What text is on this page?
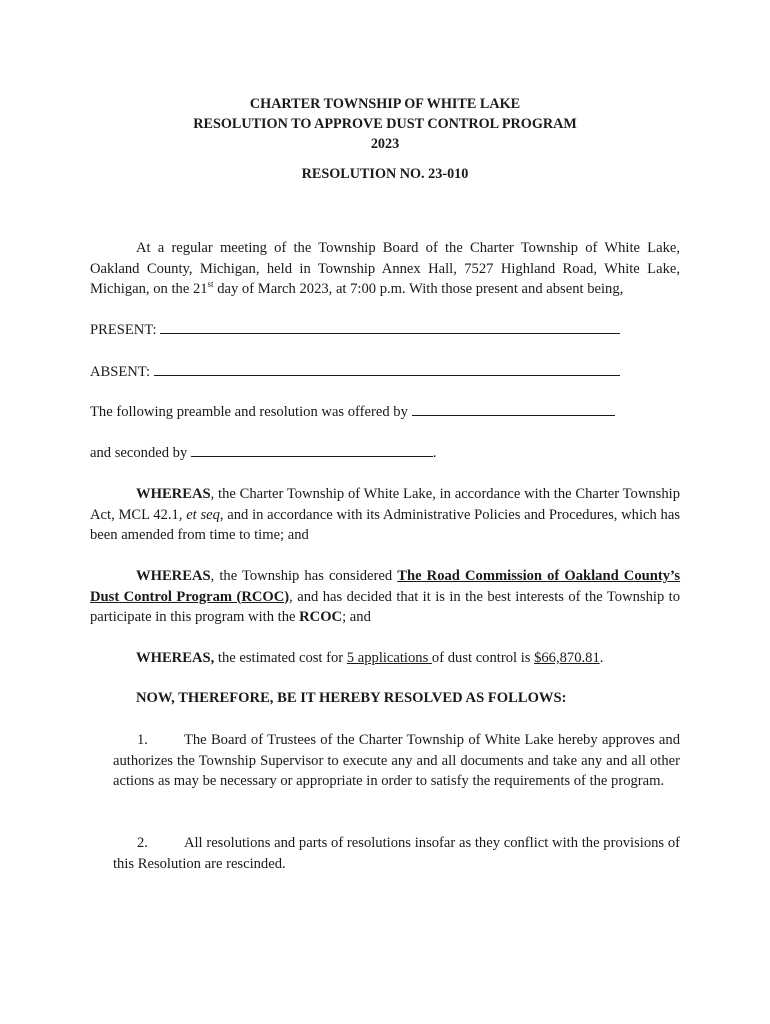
CHARTER TOWNSHIP OF WHITE LAKE
RESOLUTION TO APPROVE DUST CONTROL PROGRAM
2023
RESOLUTION NO. 23-010
At a regular meeting of the Township Board of the Charter Township of White Lake, Oakland County, Michigan, held in Township Annex Hall, 7527 Highland Road, White Lake, Michigan, on the 21st day of March 2023, at 7:00 p.m. With those present and absent being,
PRESENT:
ABSENT:
The following preamble and resolution was offered by
and seconded by	.
WHEREAS, the Charter Township of White Lake, in accordance with the Charter Township Act, MCL 42.1, et seq, and in accordance with its Administrative Policies and Procedures, which has been amended from time to time; and
WHEREAS, the Township has considered The Road Commission of Oakland County’s Dust Control Program (RCOC), and has decided that it is in the best interests of the Township to participate in this program with the RCOC; and
WHEREAS, the estimated cost for 5 applications of dust control is $66,870.81.
NOW, THEREFORE, BE IT HEREBY RESOLVED AS FOLLOWS:
1. The Board of Trustees of the Charter Township of White Lake hereby approves and authorizes the Township Supervisor to execute any and all documents and take any and all other actions as may be necessary or appropriate in order to satisfy the requirements of the program.
2. All resolutions and parts of resolutions insofar as they conflict with the provisions of this Resolution are rescinded.
